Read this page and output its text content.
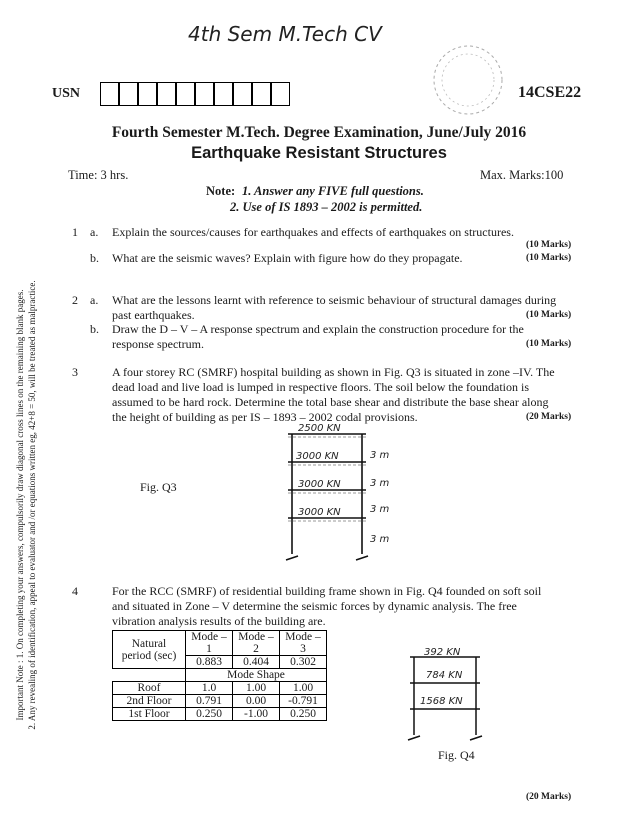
4th Sem M.Tech CV
USN	14CSE22
Fourth Semester M.Tech. Degree Examination, June/July 2016
Earthquake Resistant Structures
Time: 3 hrs.	Max. Marks:100
Note: 1. Answer any FIVE full questions.
2. Use of IS 1893 – 2002 is permitted.
Important Note : 1. On completing your answers, compulsorily draw diagonal cross lines on the remaining blank pages. 2. Any revealing of identification, appeal to evaluator and /or equations written eg, 42+8 = 50, will be treated as malpractice.
1 a. Explain the sources/causes for earthquakes and effects of earthquakes on structures.
(10 Marks)
b. What are the seismic waves? Explain with figure how do they propagate.	(10 Marks)
2 a. What are the lessons learnt with reference to seismic behaviour of structural damages during
past earthquakes.	(10 Marks)
b. Draw the D – V – A response spectrum and explain the construction procedure for the
response spectrum.	(10 Marks)
3	A four storey RC (SMRF) hospital building as shown in Fig. Q3 is situated in zone –IV. The
dead load and live load is lumped in respective floors. The soil below the foundation is
assumed to be hard rock. Determine the total base shear and distribute the base shear along
the height of building as per IS – 1893 – 2002 codal provisions.	(20 Marks)
2500 KN
3000 KN
3000 KN
3000 KN
3 m
3 m
3 m
3 m
Fig. Q3
4	For the RCC (SMRF) of residential building frame shown in Fig. Q4 founded on soft soil
and situated in Zone – V determine the seismic forces by dynamic analysis. The free
vibration analysis results of the building are.
Natural period (sec)	Mode – 1	Mode – 2	Mode – 3
	0.883	0.404	0.302
	Mode Shape		
Roof	1.0	1.00	1.00
2nd Floor	0.791	0.00	-0.791
1st Floor	0.250	-1.00	0.250
392 KN
784 KN
1568 KN
Fig. Q4
(20 Marks)
